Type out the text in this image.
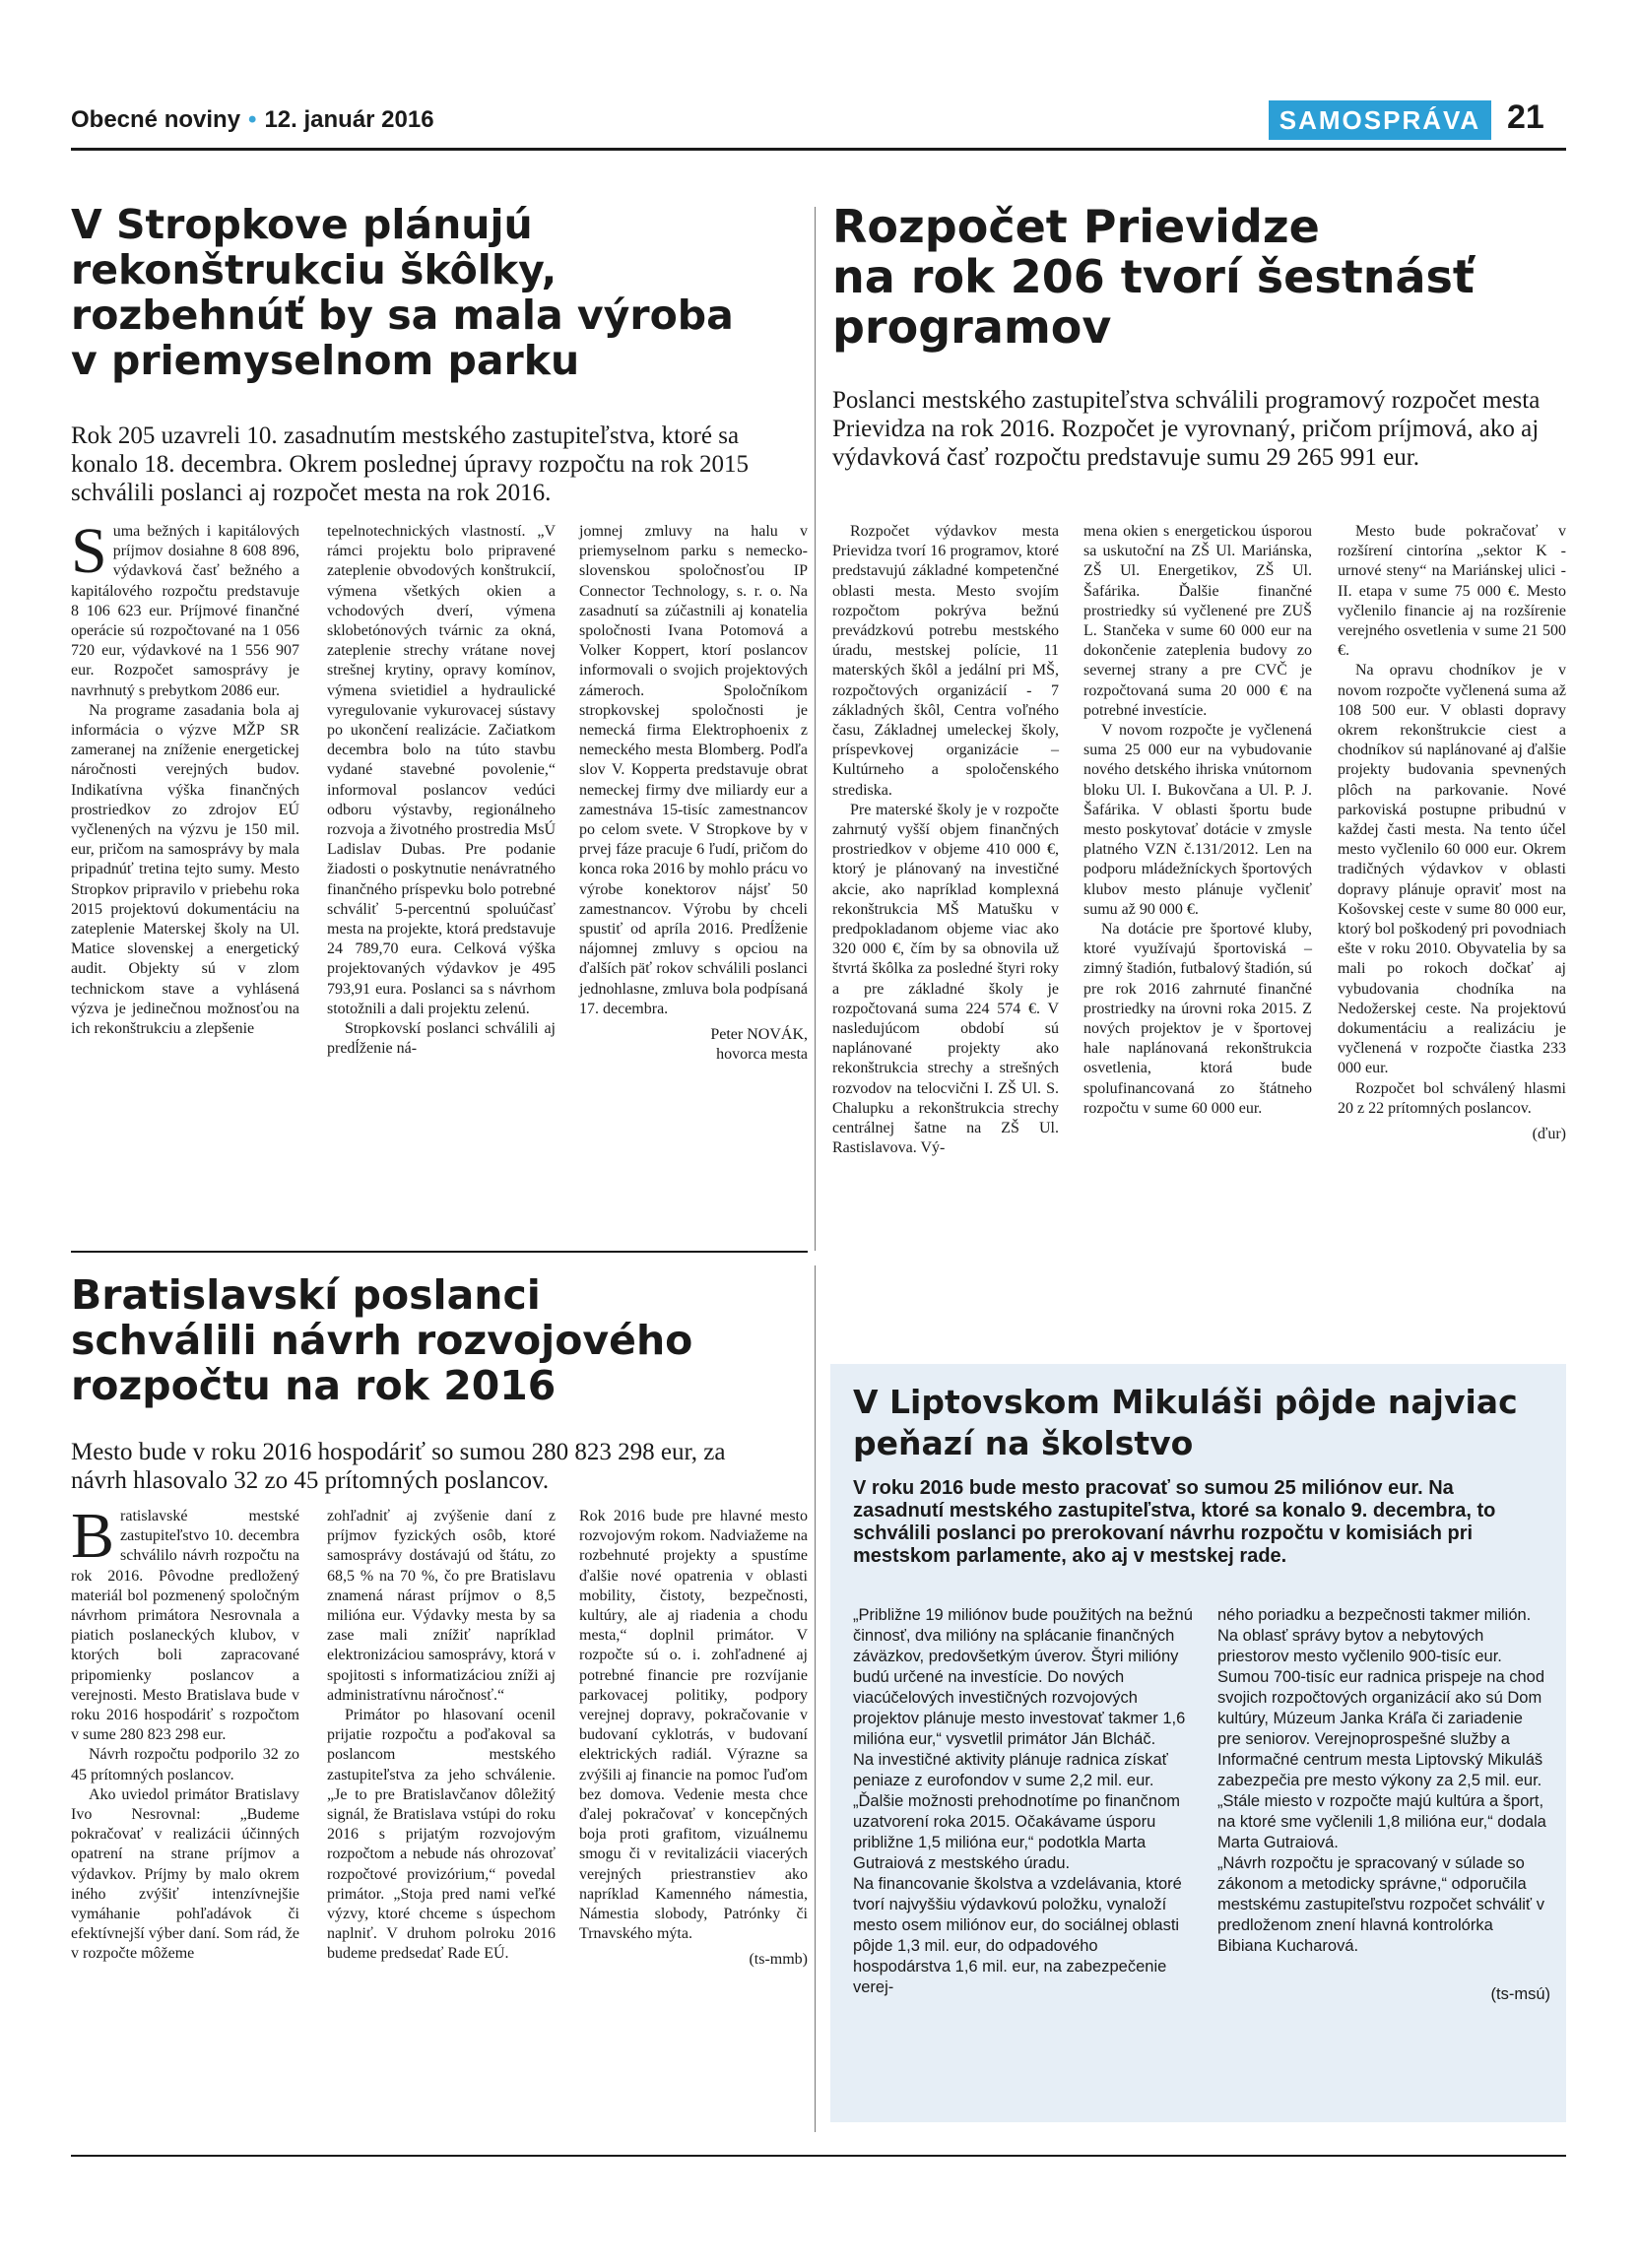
Obecné noviny • 12. január 2016	SAMOSPRÁVA 21
V Stropkove plánujú
rekonštrukciu škôlky,
rozbehnúť by sa mala výroba
v priemyselnom parku
Rok 205 uzavreli 10. zasadnutím mestského zastupiteľstva, ktoré sa konalo 18. decembra. Okrem poslednej úpravy rozpočtu na rok 2015 schválili poslanci aj rozpočet mesta na rok 2016.

Suma bežných i kapitálových príjmov dosiahne 8 608 896, výdavková časť bežného a kapitálového rozpočtu predstavuje 8 106 623 eur. Príjmové finančné operácie sú rozpočtované na 1 056 720 eur, výdavkové na 1 556 907 eur. Rozpočet samosprávy je navrhnutý s prebytkom 2086 eur.

Na programe zasadania bola aj informácia o výzve MŽP SR zameranej na zníženie energetickej náročnosti verejných budov. Indikatívna výška finančných prostriedkov zo zdrojov EÚ vyčlenených na výzvu je 150 mil. eur, pričom na samosprávy by mala pripadnúť tretina tejto sumy. Mesto Stropkov pripravilo v priebehu roka 2015 projektovú dokumentáciu na zateplenie Materskej školy na Ul. Matice slovenskej a energetický audit. Objekty sú v zlom technickom stave a vyhlásená výzva je jedinečnou možnosťou na ich rekonštrukciu a zlepšenie

tepelnotechnických vlastností. „V rámci projektu bolo pripravené zateplenie obvodových konštrukcií, výmena všetkých okien a vchodových dverí, výmena sklobetónových tvárnic za okná, zateplenie strechy vrátane novej strešnej krytiny, opravy komínov, výmena svietidiel a hydraulické vyregulovanie vykurovacej sústavy po ukončení realizácie. Začiatkom decembra bolo na túto stavbu vydané stavebné povolenie,“ informoval poslancov vedúci odboru výstavby, regionálneho rozvoja a životného prostredia MsÚ Ladislav Dubas. Pre podanie žiadosti o poskytnutie nenávratného finančného príspevku bolo potrebné schváliť 5-percentnú spoluúčasť mesta na projekte, ktorá predstavuje 24 789,70 eura. Celková výška projektovaných výdavkov je 495 793,91 eura. Poslanci sa s návrhom stotožnili a dali projektu zelenú.

Stropkovskí poslanci schválili aj predĺženie ná-

jomnej zmluvy na halu v priemyselnom parku s nemecko-slovenskou spoločnosťou IP Connector Technology, s. r. o. Na zasadnutí sa zúčastnili aj konatelia spoločnosti Ivana Potomová a Volker Koppert, ktorí poslancov informovali o svojich projektových zámeroch. Spoločníkom stropkovskej spoločnosti je nemecká firma Elektrophoenix z nemeckého mesta Blomberg. Podľa slov V. Kopperta predstavuje obrat nemeckej firmy dve miliardy eur a zamestnáva 15-tisíc zamestnancov po celom svete. V Stropkove by v prvej fáze pracuje 6 ľudí, pričom do konca roka 2016 by mohlo prácu vo výrobe konektorov nájsť 50 zamestnancov. Výrobu by chceli spustiť od apríla 2016. Predĺženie nájomnej zmluvy s opciou na ďalších päť rokov schválili poslanci jednohlasne, zmluva bola podpísaná 17. decembra.

Peter NOVÁK,

hovorca mesta

Rozpočet Prievidze
na rok 206 tvorí šestnásť
programov
Poslanci mestského zastupiteľstva schválili programový rozpočet mesta Prievidza na rok 2016. Rozpočet je vyrovnaný, pričom príjmová, ako aj výdavková časť rozpočtu predstavuje sumu 29 265 991 eur.

Rozpočet výdavkov mesta Prievidza tvorí 16 programov, ktoré predstavujú základné kompetenčné oblasti mesta. Mesto svojím rozpočtom pokrýva bežnú prevádzkovú potrebu mestského úradu, mestskej polície, 11 materských škôl a jedální pri MŠ, rozpočtových organizácií - 7 základných škôl, Centra voľného času, Základnej umeleckej školy, príspevkovej organizácie – Kultúrneho a spoločenského strediska.

Pre materské školy je v rozpočte zahrnutý vyšší objem finančných prostriedkov v objeme 410 000 €, ktorý je plánovaný na investičné akcie, ako napríklad komplexná rekonštrukcia MŠ Matušku v predpokladanom objeme viac ako 320 000 €, čím by sa obnovila už štvrtá škôlka za posledné štyri roky a pre základné školy je rozpočtovaná suma 224 574 €. V nasledujúcom období sú naplánované projekty ako rekonštrukcia strechy a strešných rozvodov na telocvični I. ZŠ Ul. S. Chalupku a rekonštrukcia strechy centrálnej šatne na ZŠ Ul. Rastislavova. Vý-

mena okien s energetickou úsporou sa uskutoční na ZŠ Ul. Mariánska, ZŠ Ul. Energetikov, ZŠ Ul. Šafárika. Ďalšie finančné prostriedky sú vyčlenené pre ZUŠ L. Stančeka v sume 60 000 eur na dokončenie zateplenia budovy zo severnej strany a pre CVČ je rozpočtovaná suma 20 000 € na potrebné investície.

V novom rozpočte je vyčlenená suma 25 000 eur na vybudovanie nového detského ihriska vnútornom bloku Ul. I. Bukovčana a Ul. P. J. Šafárika. V oblasti športu bude mesto poskytovať dotácie v zmysle platného VZN č.131/2012. Len na podporu mládežníckych športových klubov mesto plánuje vyčleniť sumu až 90 000 €.

Na dotácie pre športové kluby, ktoré využívajú športoviská – zimný štadión, futbalový štadión, sú pre rok 2016 zahrnuté finančné prostriedky na úrovni roka 2015. Z nových projektov je v športovej hale naplánovaná rekonštrukcia osvetlenia, ktorá bude spolufinancovaná zo štátneho rozpočtu v sume 60 000 eur.

Mesto bude pokračovať v rozšírení cintorína „sektor K - urnové steny“ na Mariánskej ulici - II. etapa v sume 75 000 €. Mesto vyčlenilo financie aj na rozšírenie verejného osvetlenia v sume 21 500 €.

Na opravu chodníkov je v novom rozpočte vyčlenená suma až 108 500 eur. V oblasti dopravy okrem rekonštrukcie ciest a chodníkov sú naplánované aj ďalšie projekty budovania spevnených plôch na parkovanie. Nové parkoviská postupne pribudnú v každej časti mesta. Na tento účel mesto vyčlenilo 60 000 eur. Okrem tradičných výdavkov v oblasti dopravy plánuje opraviť most na Košovskej ceste v sume 80 000 eur, ktorý bol poškodený pri povodniach ešte v roku 2010. Obyvatelia by sa mali po rokoch dočkať aj vybudovania chodníka na Nedožerskej ceste. Na projektovú dokumentáciu a realizáciu je vyčlenená v rozpočte čiastka 233 000 eur.

Rozpočet bol schválený hlasmi 20 z 22 prítomných poslancov.

(ďur)

Bratislavskí poslanci
schválili návrh rozvojového
rozpočtu na rok 2016
Mesto bude v roku 2016 hospodáriť so sumou 280 823 298 eur, za návrh hlasovalo 32 zo 45 prítomných poslancov.

Bratislavské mestské zastupiteľstvo 10. decembra schválilo návrh rozpočtu na rok 2016. Pôvodne predložený materiál bol pozmenený spoločným návrhom primátora Nesrovnala a piatich poslaneckých klubov, v ktorých boli zapracované pripomienky poslancov a verejnosti. Mesto Bratislava bude v roku 2016 hospodáriť s rozpočtom v sume 280 823 298 eur.

Návrh rozpočtu podporilo 32 zo 45 prítomných poslancov.

Ako uviedol primátor Bratislavy Ivo Nesrovnal: „Budeme pokračovať v realizácii účinných opatrení na strane príjmov a výdavkov. Príjmy by malo okrem iného zvýšiť intenzívnejšie vymáhanie pohľadávok či efektívnejší výber daní. Som rád, že v rozpočte môžeme

zohľadniť aj zvýšenie daní z príjmov fyzických osôb, ktoré samosprávy dostávajú od štátu, zo 68,5 % na 70 %, čo pre Bratislavu znamená nárast príjmov o 8,5 milióna eur. Výdavky mesta by sa zase mali znížiť napríklad elektronizáciou samosprávy, ktorá v spojitosti s informatizáciou zníži aj administratívnu náročnosť.“

Primátor po hlasovaní ocenil prijatie rozpočtu a poďakoval sa poslancom mestského zastupiteľstva za jeho schválenie. „Je to pre Bratislavčanov dôležitý signál, že Bratislava vstúpi do roku 2016 s prijatým rozvojovým rozpočtom a nebude nás ohrozovať rozpočtové provizórium,“ povedal primátor. „Stoja pred nami veľké výzvy, ktoré chceme s úspechom naplniť. V druhom polroku 2016 budeme predsedať Rade EÚ.

Rok 2016 bude pre hlavné mesto rozvojovým rokom. Nadviažeme na rozbehnuté projekty a spustíme ďalšie nové opatrenia v oblasti mobility, čistoty, bezpečnosti, kultúry, ale aj riadenia a chodu mesta,“ doplnil primátor. V rozpočte sú o. i. zohľadnené aj potrebné financie pre rozvíjanie parkovacej politiky, podpory verejnej dopravy, pokračovanie v budovaní cyklotrás, v budovaní elektrických radiál. Výrazne sa zvýšili aj financie na pomoc ľuďom bez domova. Vedenie mesta chce ďalej pokračovať v koncepčných boja proti grafitom, vizuálnemu smogu či v revitalizácii viacerých verejných priestranstiev ako napríklad Kamenného námestia, Námestia slobody, Patrónky či Trnavského mýta.

(ts-mmb)

V Liptovskom Mikuláši pôjde najviac
peňazí na školstvo
V roku 2016 bude mesto pracovať so sumou 25 miliónov eur. Na zasadnutí mestského zastupiteľstva, ktoré sa konalo 9. decembra, to schválili poslanci po prerokovaní návrhu rozpočtu v komisiách pri mestskom parlamente, ako aj v mestskej rade.

„Približne 19 miliónov bude použitých na bežnú činnosť, dva milióny na splácanie finančných záväzkov, predovšetkým úverov. Štyri milióny budú určené na investície. Do nových viacúčelových investičných rozvojových projektov plánuje mesto investovať takmer 1,6 milióna eur,“ vysvetlil primátor Ján Blcháč.

Na investičné aktivity plánuje radnica získať peniaze z eurofondov v sume 2,2 mil. eur. „Ďalšie možnosti prehodnotíme po finančnom uzatvorení roka 2015. Očakávame úsporu približne 1,5 milióna eur,“ podotkla Marta Gutraiová z mestského úradu.

Na financovanie školstva a vzdelávania, ktoré tvorí najvyššiu výdavkovú položku, vynaloží mesto osem miliónov eur, do sociálnej oblasti pôjde 1,3 mil. eur, do odpadového hospodárstva 1,6 mil. eur, na zabezpečenie verej-

ného poriadku a bezpečnosti takmer milión. Na oblasť správy bytov a nebytových priestorov mesto vyčlenilo 900-tisíc eur. Sumou 700-tisíc eur radnica prispeje na chod svojich rozpočtových organizácií ako sú Dom kultúry, Múzeum Janka Kráľa či zariadenie pre seniorov. Verejnoprospešné služby a Informačné centrum mesta Liptovský Mikuláš zabezpečia pre mesto výkony za 2,5 mil. eur. „Stále miesto v rozpočte majú kultúra a šport, na ktoré sme vyčlenili 1,8 milióna eur,“ dodala Marta Gutraiová.

„Návrh rozpočtu je spracovaný v súlade so zákonom a metodicky správne,“ odporučila mestskému zastupiteľstvu rozpočet schváliť v predloženom znení hlavná kontrolórka Bibiana Kucharová.

(ts-msú)
